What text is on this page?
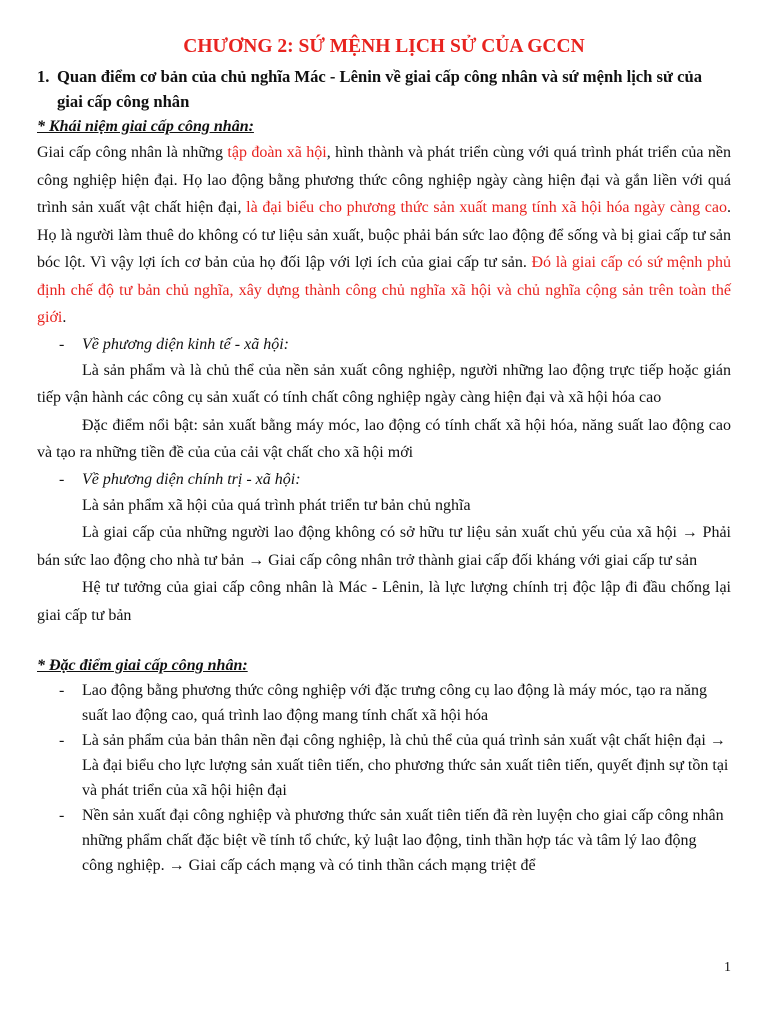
CHƯƠNG 2: SỨ MỆNH LỊCH SỬ CỦA GCCN
1. Quan điểm cơ bản của chủ nghĩa Mác - Lênin về giai cấp công nhân và sứ mệnh lịch sử của giai cấp công nhân
* Khái niệm giai cấp công nhân:

Giai cấp công nhân là những tập đoàn xã hội, hình thành và phát triển cùng với quá trình phát triển của nền công nghiệp hiện đại. Họ lao động bằng phương thức công nghiệp ngày càng hiện đại và gắn liền với quá trình sản xuất vật chất hiện đại, là đại biểu cho phương thức sản xuất mang tính xã hội hóa ngày càng cao. Họ là người làm thuê do không có tư liệu sản xuất, buộc phải bán sức lao động để sống và bị giai cấp tư sản bóc lột. Vì vậy lợi ích cơ bản của họ đối lập với lợi ích của giai cấp tư sản. Đó là giai cấp có sứ mệnh phủ định chế độ tư bản chủ nghĩa, xây dựng thành công chủ nghĩa xã hội và chủ nghĩa cộng sản trên toàn thế giới.

-	Về phương diện kinh tế - xã hội:

Là sản phẩm và là chủ thể của nền sản xuất công nghiệp, người những lao động trực tiếp hoặc gián tiếp vận hành các công cụ sản xuất có tính chất công nghiệp ngày càng hiện đại và xã hội hóa cao

Đặc điểm nổi bật: sản xuất bằng máy móc, lao động có tính chất xã hội hóa, năng suất lao động cao và tạo ra những tiền đề của của cải vật chất cho xã hội mới

-	Về phương diện chính trị - xã hội:

Là sản phẩm xã hội của quá trình phát triển tư bản chủ nghĩa

Là giai cấp của những người lao động không có sở hữu tư liệu sản xuất chủ yếu của xã hội → Phải bán sức lao động cho nhà tư bản → Giai cấp công nhân trở thành giai cấp đối kháng với giai cấp tư sản

Hệ tư tưởng của giai cấp công nhân là Mác - Lênin, là lực lượng chính trị độc lập đi đầu chống lại giai cấp tư bản

* Đặc điểm giai cấp công nhân:
-	Lao động bằng phương thức công nghiệp với đặc trưng công cụ lao động là máy móc, tạo ra năng suất lao động cao, quá trình lao động mang tính chất xã hội hóa
-	Là sản phẩm của bản thân nền đại công nghiệp, là chủ thể của quá trình sản xuất vật chất hiện đại → Là đại biểu cho lực lượng sản xuất tiên tiến, cho phương thức sản xuất tiên tiến, quyết định sự tồn tại và phát triển của xã hội hiện đại
-	Nền sản xuất đại công nghiệp và phương thức sản xuất tiên tiến đã rèn luyện cho giai cấp công nhân những phẩm chất đặc biệt về tính tổ chức, kỷ luật lao động, tinh thần hợp tác và tâm lý lao động công nghiệp. → Giai cấp cách mạng và có tinh thần cách mạng triệt để
1
